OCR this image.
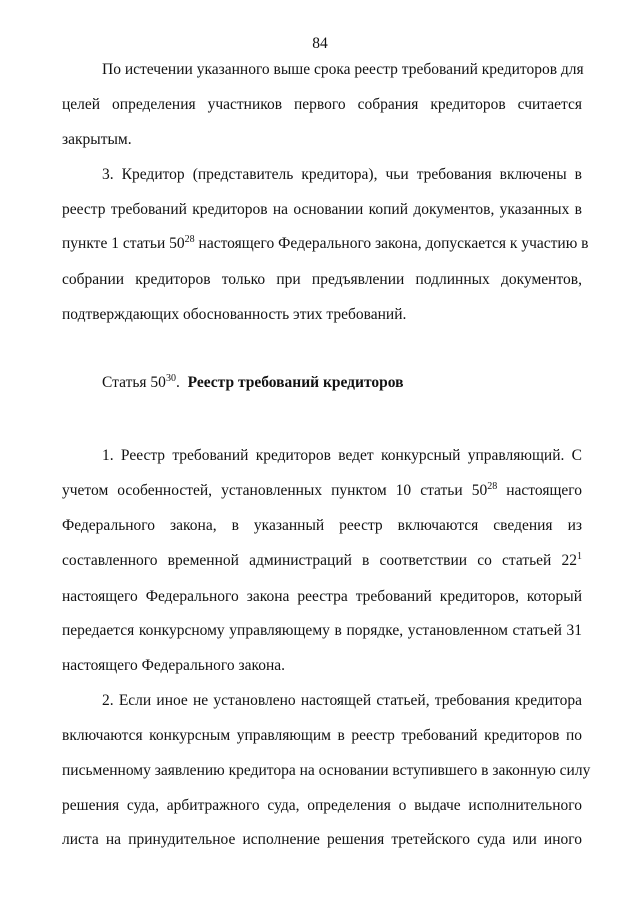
84
По истечении указанного выше срока реестр требований кредиторов для
целей определения участников первого собрания кредиторов считается
закрытым.
3. Кредитор (представитель кредитора), чьи требования включены в
реестр требований кредиторов на основании копий документов, указанных в
пункте 1 статьи $50^{28}$ настоящего Федерального закона, допускается к участию в
собрании кредиторов только при предъявлении подлинных документов,
подтверждающих обоснованность этих требований.
Статья $50^{30}$.  Реестр требований кредиторов
1. Реестр требований кредиторов ведет конкурсный управляющий. С
учетом особенностей, установленных пунктом 10 статьи $50^{28}$ настоящего
Федерального закона, в указанный реестр включаются сведения из
составленного временной администраций в соответствии со статьей $22^1$
настоящего Федерального закона реестра требований кредиторов, который
передается конкурсному управляющему в порядке, установленном статьей 31
настоящего Федерального закона.
2. Если иное не установлено настоящей статьей, требования кредитора
включаются конкурсным управляющим в реестр требований кредиторов по
письменному заявлению кредитора на основании вступившего в законную силу
решения суда, арбитражного суда, определения о выдаче исполнительного
листа на принудительное исполнение решения третейского суда или иного
